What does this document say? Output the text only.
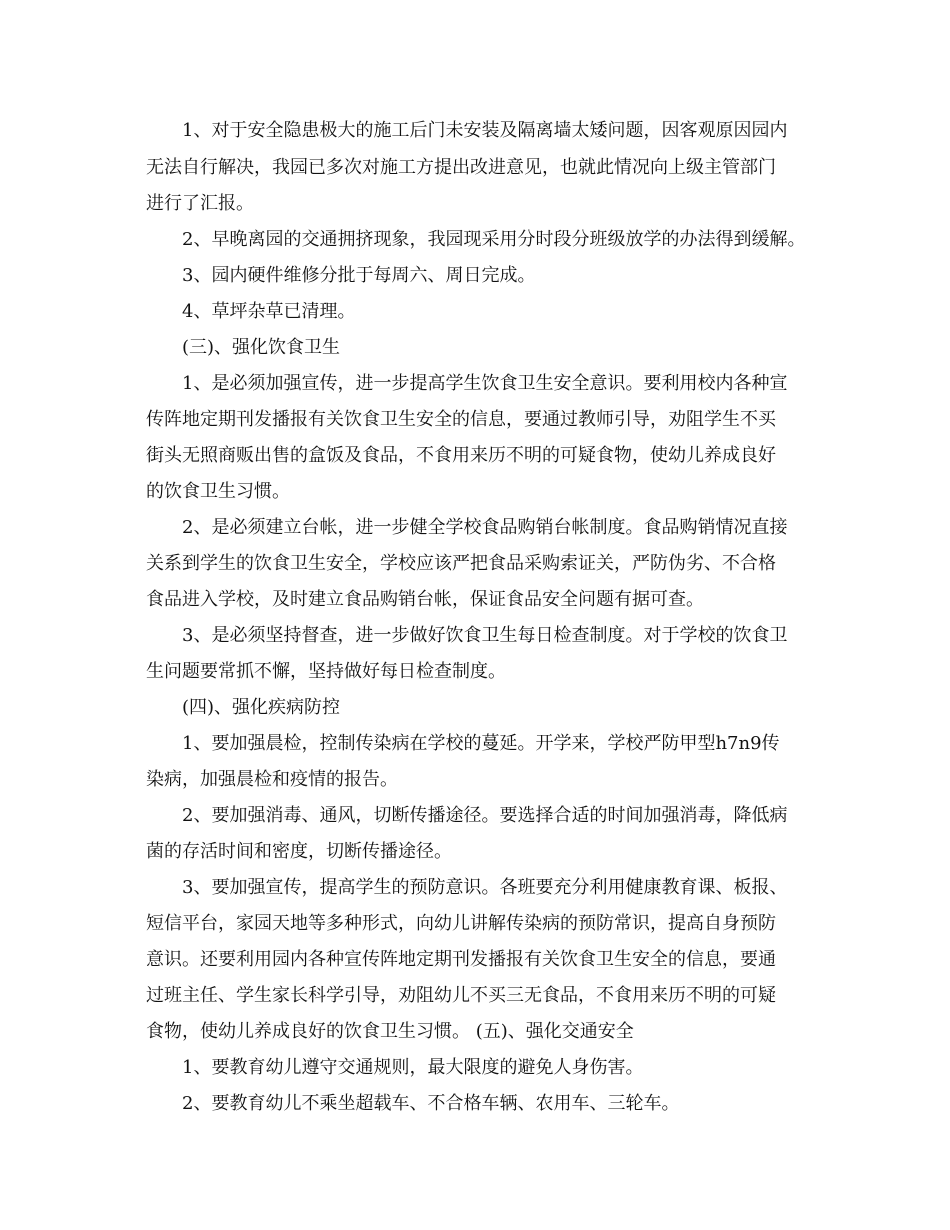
1、对于安全隐患极大的施工后门未安装及隔离墙太矮问题，因客观原因园内
无法自行解决，我园已多次对施工方提出改进意见，也就此情况向上级主管部门
进行了汇报。
2、早晚离园的交通拥挤现象，我园现采用分时段分班级放学的办法得到缓解。
3、园内硬件维修分批于每周六、周日完成。
4、草坪杂草已清理。
(三)、强化饮食卫生
1、是必须加强宣传，进一步提高学生饮食卫生安全意识。要利用校内各种宣
传阵地定期刊发播报有关饮食卫生安全的信息，要通过教师引导，劝阻学生不买
街头无照商贩出售的盒饭及食品，不食用来历不明的可疑食物，使幼儿养成良好
的饮食卫生习惯。
2、是必须建立台帐，进一步健全学校食品购销台帐制度。食品购销情况直接
关系到学生的饮食卫生安全，学校应该严把食品采购索证关，严防伪劣、不合格
食品进入学校，及时建立食品购销台帐，保证食品安全问题有据可查。
3、是必须坚持督查，进一步做好饮食卫生每日检查制度。对于学校的饮食卫
生问题要常抓不懈，坚持做好每日检查制度。
(四)、强化疾病防控
1、要加强晨检，控制传染病在学校的蔓延。开学来，学校严防甲型h7n9传
染病，加强晨检和疫情的报告。
2、要加强消毒、通风，切断传播途径。要选择合适的时间加强消毒，降低病
菌的存活时间和密度，切断传播途径。
3、要加强宣传，提高学生的预防意识。各班要充分利用健康教育课、板报、
短信平台，家园天地等多种形式，向幼儿讲解传染病的预防常识，提高自身预防
意识。还要利用园内各种宣传阵地定期刊发播报有关饮食卫生安全的信息，要通
过班主任、学生家长科学引导，劝阻幼儿不买三无食品，不食用来历不明的可疑
食物，使幼儿养成良好的饮食卫生习惯。 (五)、强化交通安全
1、要教育幼儿遵守交通规则，最大限度的避免人身伤害。
2、要教育幼儿不乘坐超载车、不合格车辆、农用车、三轮车。
